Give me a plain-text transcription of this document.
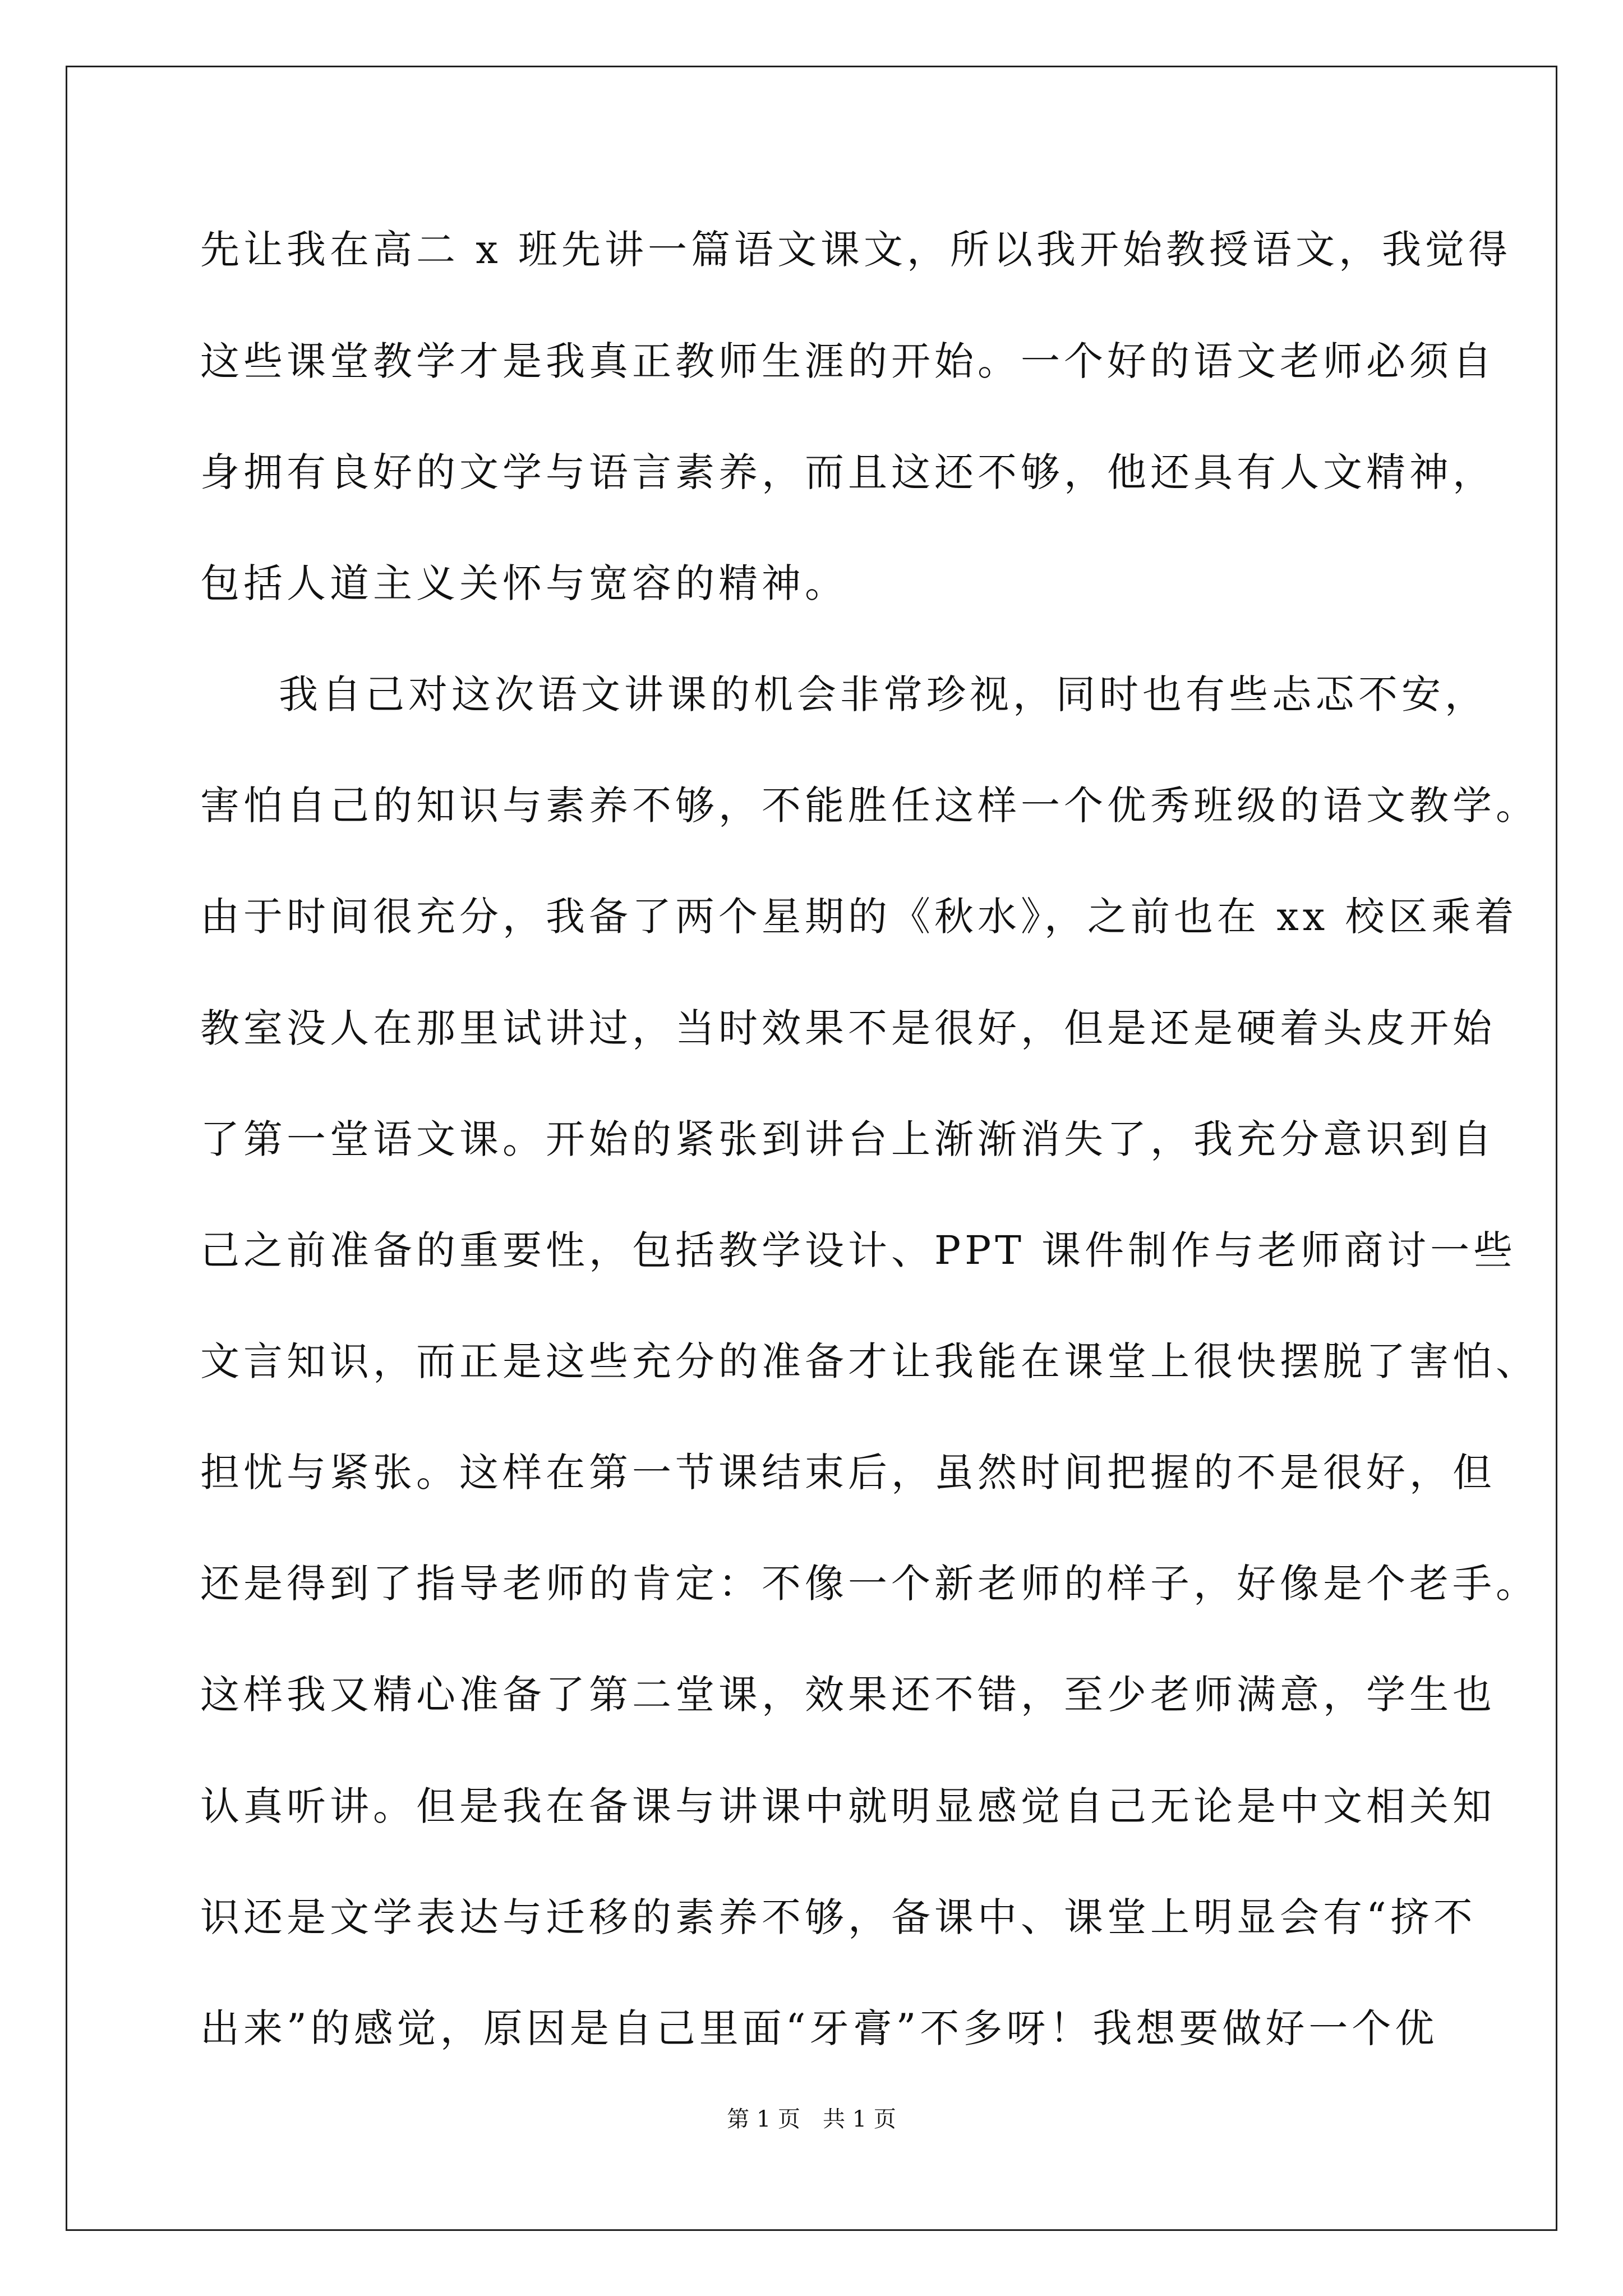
先让我在高二 x 班先讲一篇语文课文，所以我开始教授语文，我觉得
这些课堂教学才是我真正教师生涯的开始。一个好的语文老师必须自
身拥有良好的文学与语言素养，而且这还不够，他还具有人文精神，
包括人道主义关怀与宽容的精神。
我自己对这次语文讲课的机会非常珍视，同时也有些忐忑不安，
害怕自己的知识与素养不够，不能胜任这样一个优秀班级的语文教学。
由于时间很充分，我备了两个星期的《秋水》，之前也在 xx 校区乘着
教室没人在那里试讲过，当时效果不是很好，但是还是硬着头皮开始
了第一堂语文课。开始的紧张到讲台上渐渐消失了，我充分意识到自
己之前准备的重要性，包括教学设计、PPT 课件制作与老师商讨一些
文言知识，而正是这些充分的准备才让我能在课堂上很快摆脱了害怕、
担忧与紧张。这样在第一节课结束后，虽然时间把握的不是很好，但
还是得到了指导老师的肯定：不像一个新老师的样子，好像是个老手。
这样我又精心准备了第二堂课，效果还不错，至少老师满意，学生也
认真听讲。但是我在备课与讲课中就明显感觉自己无论是中文相关知
识还是文学表达与迁移的素养不够，备课中、课堂上明显会有“挤不
出来”的感觉，原因是自己里面“牙膏”不多呀！我想要做好一个优
第 1 页　共 1 页
